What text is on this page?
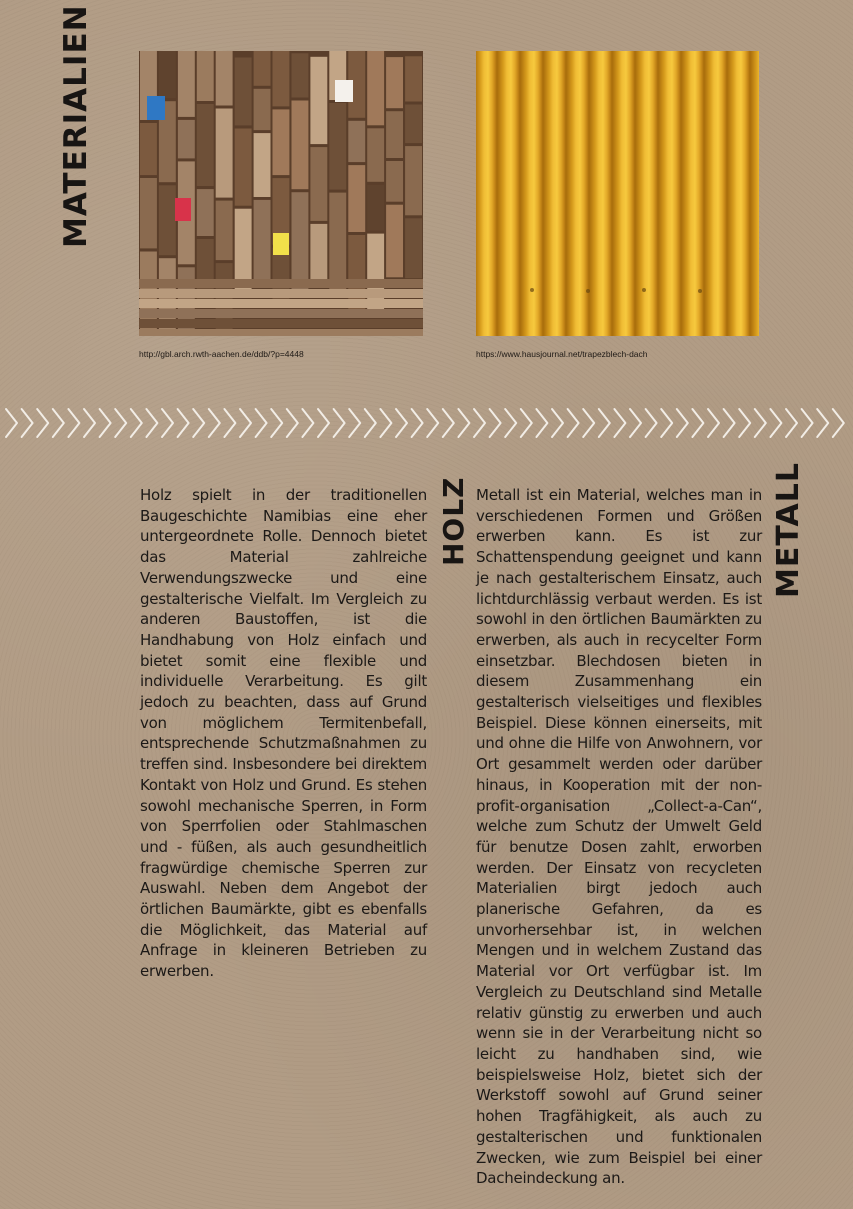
MATERIALIEN
http://gbl.arch.rwth-aachen.de/ddb/?p=4448	https://www.hausjournal.net/trapezblech-dach
Holz spielt in der traditionellen Baugeschichte Namibias eine eher untergeordnete Rolle. Dennoch bietet das Material zahlreiche Verwendungszwecke und eine gestalterische Vielfalt. Im Vergleich zu anderen Baustoffen, ist die Handhabung von Holz einfach und bietet somit eine flexible und individuelle Verarbeitung. Es gilt jedoch zu beachten, dass auf Grund von möglichem Termitenbefall, entsprechende Schutzmaßnahmen zu treffen sind. Insbesondere bei direktem Kontakt von Holz und Grund. Es stehen sowohl mechanische Sperren, in Form von Sperrfolien oder Stahlmaschen und - füßen, als auch gesundheitlich fragwürdige chemische Sperren zur Auswahl. Neben dem Angebot der örtlichen Baumärkte, gibt es ebenfalls die Möglichkeit, das Material auf Anfrage in kleineren Betrieben zu erwerben.
HOLZ Metall ist ein Material, welches man in verschiedenen Formen und Größen erwerben kann. Es ist zur Schattenspendung geeignet und kann je nach gestalterischem Einsatz, auch lichtdurchlässig verbaut werden. Es ist sowohl in den örtlichen Baumärkten zu erwerben, als auch in recycelter Form einsetzbar. Blechdosen bieten in diesem Zusammenhang ein gestalterisch vielseitiges und flexibles Beispiel. Diese können einerseits, mit und ohne die Hilfe von Anwohnern, vor Ort gesammelt werden oder darüber hinaus, in Kooperation mit der non-profit-organisation „Collect-a-Can“, welche zum Schutz der Umwelt Geld für benutze Dosen zahlt, erworben werden. Der Einsatz von recycleten Materialien birgt jedoch auch planerische Gefahren, da es unvorhersehbar ist, in welchen Mengen und in welchem Zustand das Material vor Ort verfügbar ist. Im Vergleich zu Deutschland sind Metalle relativ günstig zu erwerben und auch wenn sie in der Verarbeitung nicht so leicht zu handhaben sind, wie beispielsweise Holz, bietet sich der Werkstoff sowohl auf Grund seiner hohen Tragfähigkeit, als auch zu gestalterischen und funktionalen Zwecken, wie zum Beispiel bei einer Dacheindeckung an.
METALL
